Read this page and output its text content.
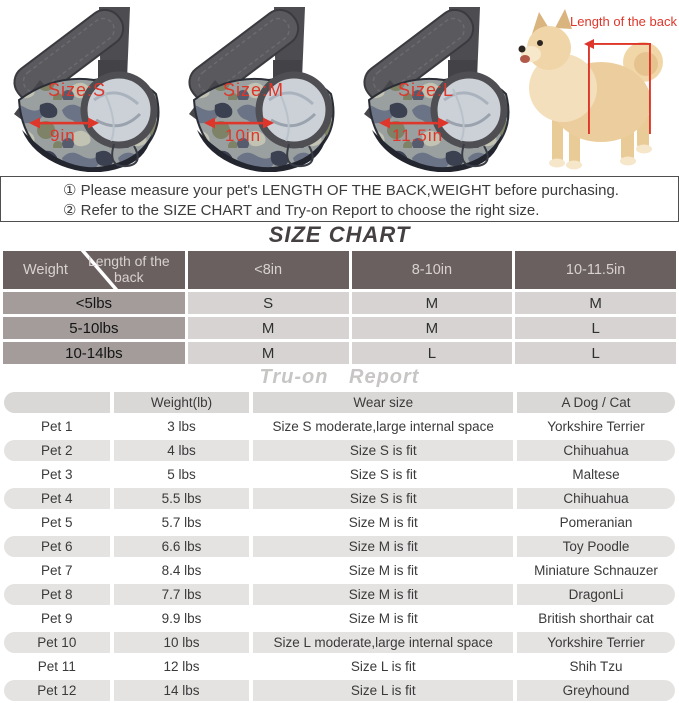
Size:S
9in
Size:M
10in
Size:L
11.5in
Length of the back
① Please measure your pet's LENGTH OF THE BACK,WEIGHT before purchasing.
② Refer to the SIZE CHART and Try-on Report to choose the right size.
SIZE CHART
Weight
Length of the back	<8in	8-10in	10-11.5in
<5lbs	S	M	M
5-10lbs	M	M	L
10-14lbs	M	L	L
Tru-on Report
	Weight(lb)	Wear size	A Dog / Cat
Pet 1	3 lbs	Size S moderate,large internal space	Yorkshire Terrier
Pet 2	4 lbs	Size S is fit	Chihuahua
Pet 3	5 lbs	Size S is fit	Maltese
Pet 4	5.5 lbs	Size S is fit	Chihuahua
Pet 5	5.7 lbs	Size M is fit	Pomeranian
Pet 6	6.6 lbs	Size M is fit	Toy Poodle
Pet 7	8.4 lbs	Size M is fit	Miniature Schnauzer
Pet 8	7.7 lbs	Size M is fit	DragonLi
Pet 9	9.9 lbs	Size M is fit	British shorthair cat
Pet 10	10 lbs	Size L moderate,large internal space	Yorkshire Terrier
Pet 11	12 lbs	Size L is fit	Shih Tzu
Pet 12	14 lbs	Size L is fit	Greyhound
